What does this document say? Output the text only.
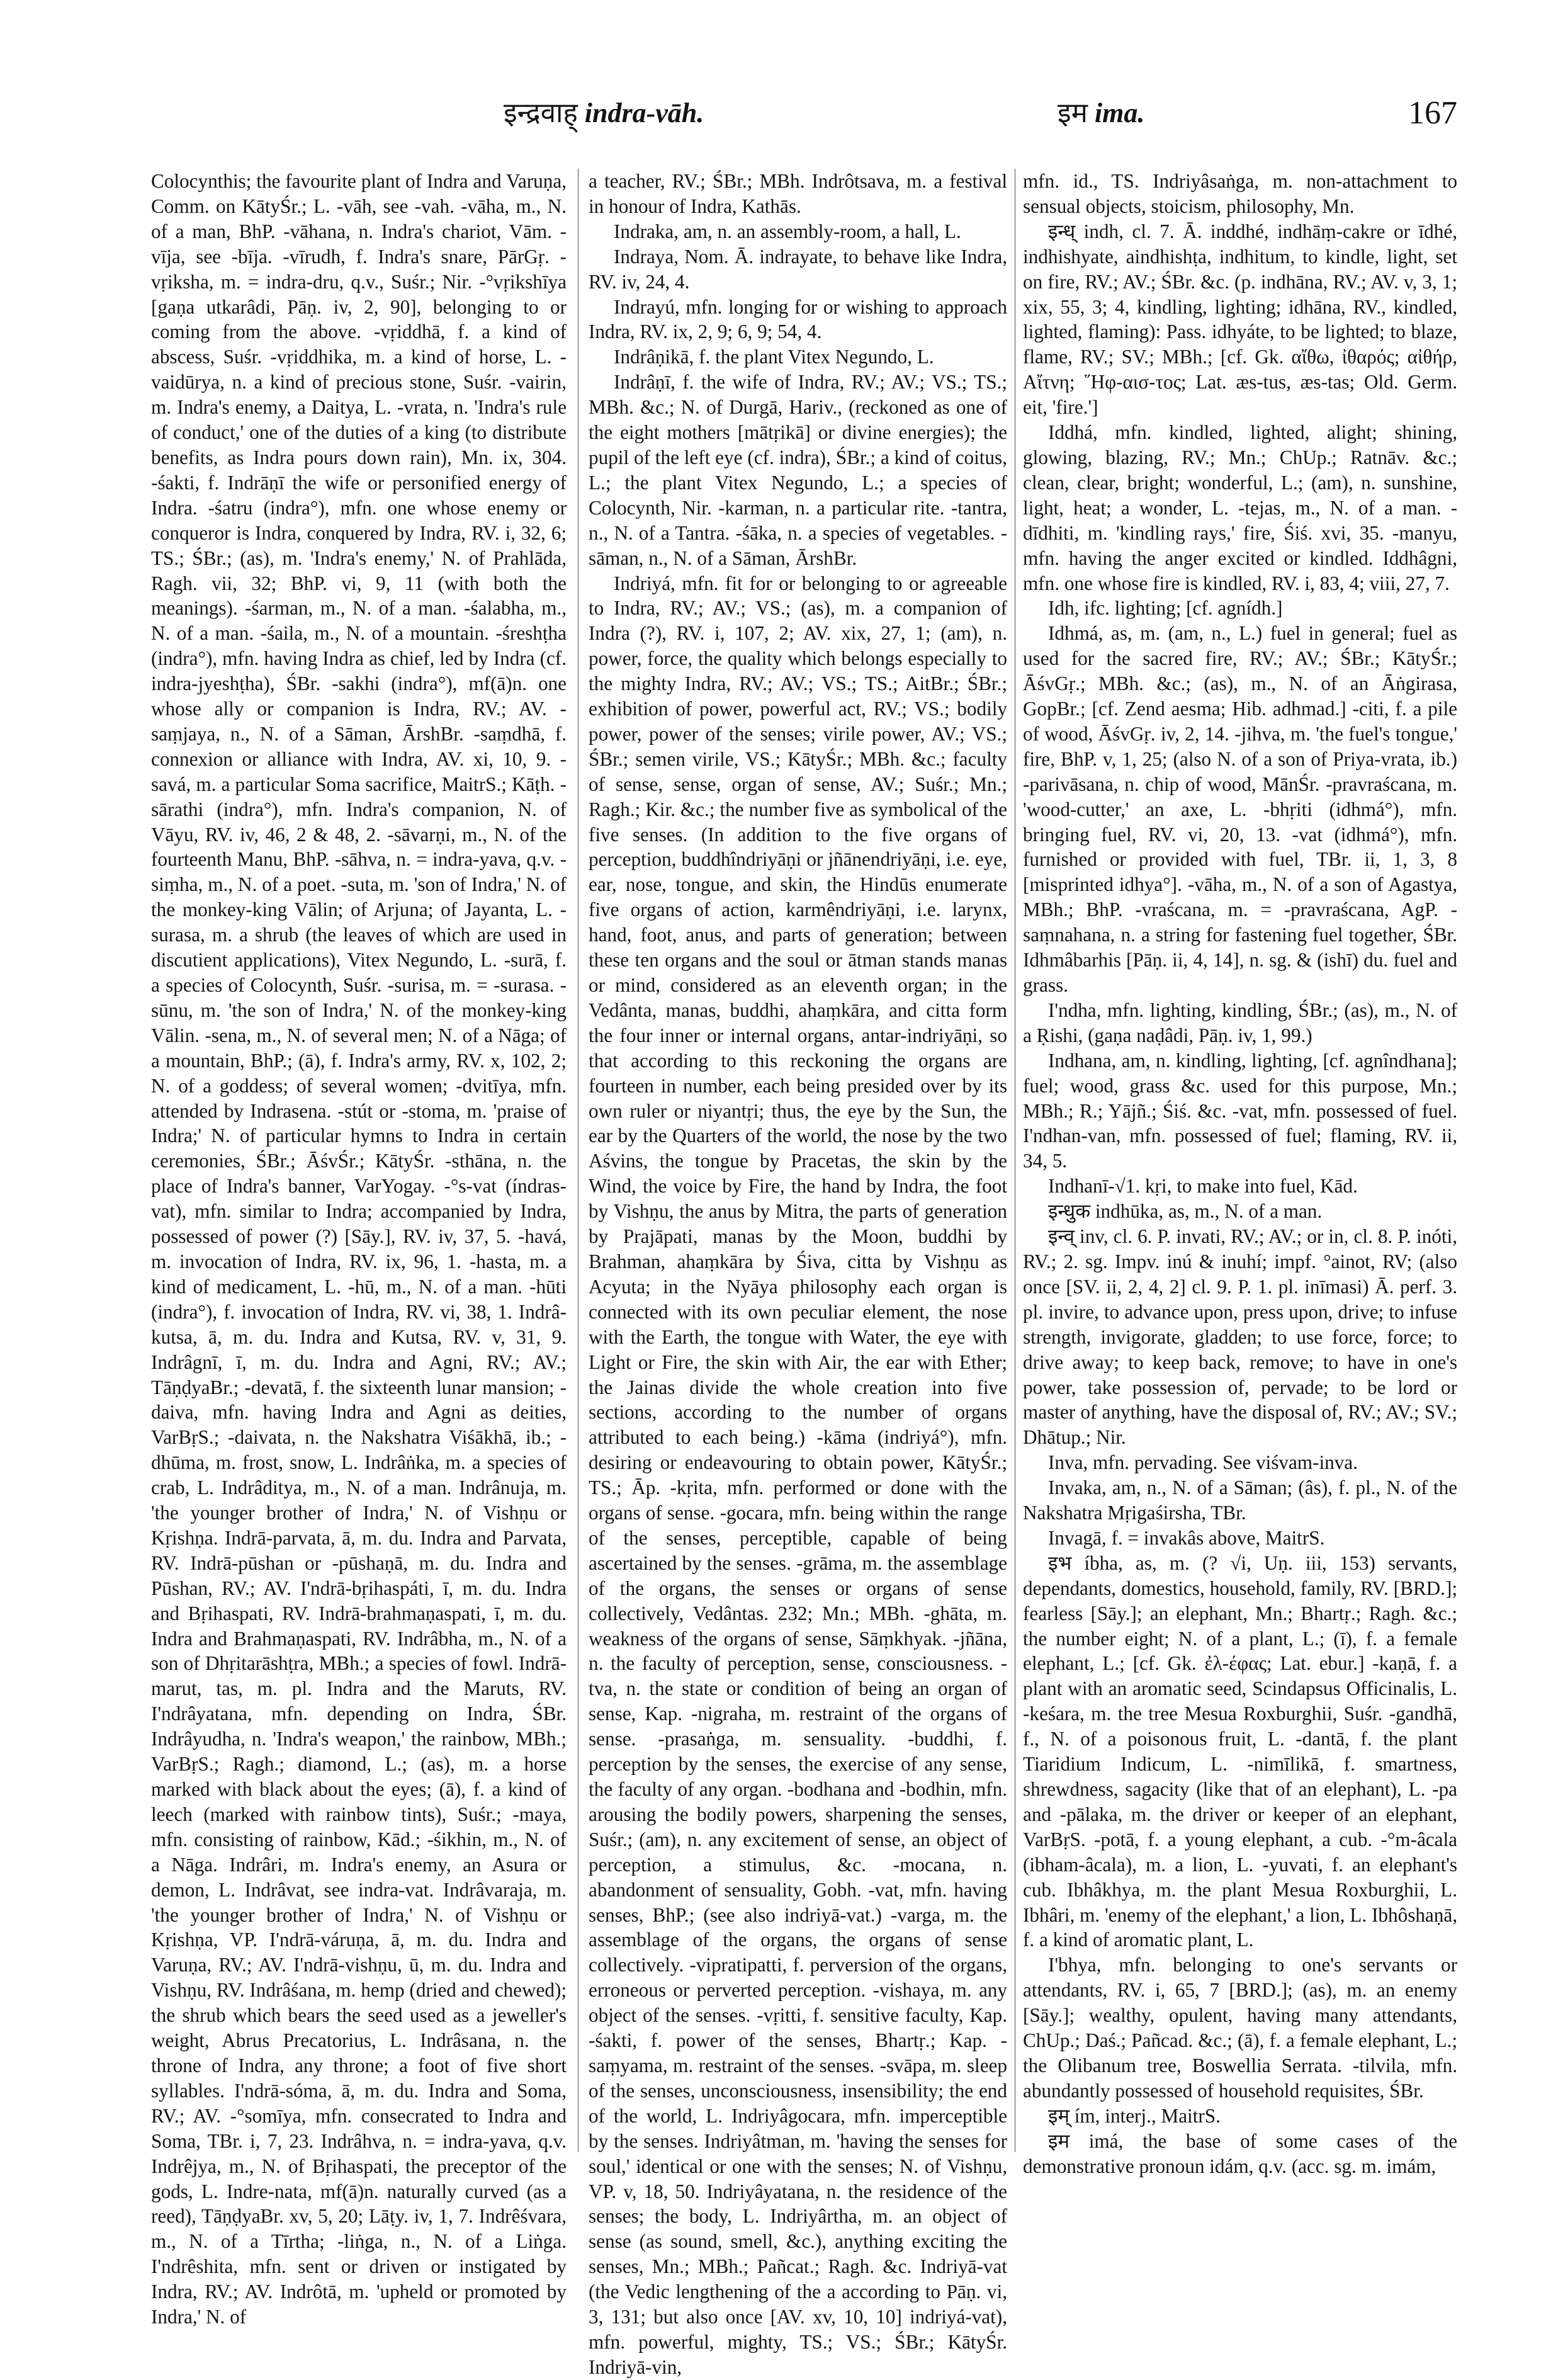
इन्द्रवाह् indra-vāh.	इम ima.	167

Colocynthis; the favourite plant of Indra and Varuṇa, Comm. on KātyŚr.; L. -vāh, see -vah. -vāha, m., N. of a man, BhP. -vāhana, n. Indra's chariot, Vām. -vīja, see -bīja. -vīrudh, f. Indra's snare, PārGṛ. -vṛiksha, m. = indra-dru, q.v., Suśr.; Nir. -°vṛikshīya [gaṇa utkarâdi, Pāṇ. iv, 2, 90], belonging to or coming from the above. -vṛiddhā, f. a kind of abscess, Suśr. -vṛiddhika, m. a kind of horse, L. -vaidūrya, n. a kind of precious stone, Suśr. -vairin, m. Indra's enemy, a Daitya, L. -vrata, n. 'Indra's rule of conduct,' one of the duties of a king (to distribute benefits, as Indra pours down rain), Mn. ix, 304. -śakti, f. Indrāṇī the wife or personified energy of Indra. -śatru (indra°), mfn. one whose enemy or conqueror is Indra, conquered by Indra, RV. i, 32, 6; TS.; ŚBr.; (as), m. 'Indra's enemy,' N. of Prahlāda, Ragh. vii, 32; BhP. vi, 9, 11 (with both the meanings). -śarman, m., N. of a man. -śalabha, m., N. of a man. -śaila, m., N. of a mountain. -śreshṭha (indra°), mfn. having Indra as chief, led by Indra (cf. indra-jyeshṭha), ŚBr. -sakhi (indra°), mf(ā)n. one whose ally or companion is Indra, RV.; AV. -saṃjaya, n., N. of a Sāman, ĀrshBr. -saṃdhā, f. connexion or alliance with Indra, AV. xi, 10, 9. -savá, m. a particular Soma sacrifice, MaitrS.; Kāṭh. -sārathi (indra°), mfn. Indra's companion, N. of Vāyu, RV. iv, 46, 2 & 48, 2. -sāvarṇi, m., N. of the fourteenth Manu, BhP. -sāhva, n. = indra-yava, q.v. -siṃha, m., N. of a poet. -suta, m. 'son of Indra,' N. of the monkey-king Vālin; of Arjuna; of Jayanta, L. -surasa, m. a shrub (the leaves of which are used in discutient applications), Vitex Negundo, L. -surā, f. a species of Colocynth, Suśr. -surisa, m. = -surasa. -sūnu, m. 'the son of Indra,' N. of the monkey-king Vālin. -sena, m., N. of several men; N. of a Nāga; of a mountain, BhP.; (ā), f. Indra's army, RV. x, 102, 2; N. of a goddess; of several women; -dvitīya, mfn. attended by Indrasena. -stút or -stoma, m. 'praise of Indra;' N. of particular hymns to Indra in certain ceremonies, ŚBr.; ĀśvŚr.; KātyŚr. -sthāna, n. the place of Indra's banner, VarYogay. -°s-vat (índras-vat), mfn. similar to Indra; accompanied by Indra, possessed of power (?) [Sāy.], RV. iv, 37, 5. -havá, m. invocation of Indra, RV. ix, 96, 1. -hasta, m. a kind of medicament, L. -hū, m., N. of a man. -hūti (indra°), f. invocation of Indra, RV. vi, 38, 1. Indrâ-kutsa, ā, m. du. Indra and Kutsa, RV. v, 31, 9. Indrâgnī, ī, m. du. Indra and Agni, RV.; AV.; TāṇḍyaBr.; -devatā, f. the sixteenth lunar mansion; -daiva, mfn. having Indra and Agni as deities, VarBṛS.; -daivata, n. the Nakshatra Viśākhā, ib.; -dhūma, m. frost, snow, L. Indrâṅka, m. a species of crab, L. Indrâditya, m., N. of a man. Indrânuja, m. 'the younger brother of Indra,' N. of Vishṇu or Kṛishṇa. Indrā-parvata, ā, m. du. Indra and Parvata, RV. Indrā-pūshan or -pūshaṇā, m. du. Indra and Pūshan, RV.; AV. I'ndrā-bṛihaspáti, ī, m. du. Indra and Bṛihaspati, RV. Indrā-brahmaṇaspati, ī, m. du. Indra and Brahmaṇaspati, RV. Indrâbha, m., N. of a son of Dhṛitarāshṭra, MBh.; a species of fowl. Indrā-marut, tas, m. pl. Indra and the Maruts, RV. I'ndrâyatana, mfn. depending on Indra, ŚBr. Indrâyudha, n. 'Indra's weapon,' the rainbow, MBh.; VarBṛS.; Ragh.; diamond, L.; (as), m. a horse marked with black about the eyes; (ā), f. a kind of leech (marked with rainbow tints), Suśr.; -maya, mfn. consisting of rainbow, Kād.; -śikhin, m., N. of a Nāga. Indrâri, m. Indra's enemy, an Asura or demon, L. Indrâvat, see indra-vat. Indrâvaraja, m. 'the younger brother of Indra,' N. of Vishṇu or Kṛishṇa, VP. I'ndrā-váruṇa, ā, m. du. Indra and Varuṇa, RV.; AV. I'ndrā-vishṇu, ū, m. du. Indra and Vishṇu, RV. Indrâśana, m. hemp (dried and chewed); the shrub which bears the seed used as a jeweller's weight, Abrus Precatorius, L. Indrâsana, n. the throne of Indra, any throne; a foot of five short syllables. I'ndrā-sóma, ā, m. du. Indra and Soma, RV.; AV. -°somīya, mfn. consecrated to Indra and Soma, TBr. i, 7, 23. Indrâhva, n. = indra-yava, q.v. Indrêjya, m., N. of Bṛihaspati, the preceptor of the gods, L. Indre-nata, mf(ā)n. naturally curved (as a reed), TāṇḍyaBr. xv, 5, 20; Lāṭy. iv, 1, 7. Indrêśvara, m., N. of a Tīrtha; -liṅga, n., N. of a Liṅga. I'ndrêshita, mfn. sent or driven or instigated by Indra, RV.; AV. Indrôtā, m. 'upheld or promoted by Indra,' N. of

a teacher, RV.; ŚBr.; MBh. Indrôtsava, m. a festival in honour of Indra, Kathās.

Indraka, am, n. an assembly-room, a hall, L.

Indraya, Nom. Ā. indrayate, to behave like Indra, RV. iv, 24, 4.

Indrayú, mfn. longing for or wishing to approach Indra, RV. ix, 2, 9; 6, 9; 54, 4.

Indrâṇikā, f. the plant Vitex Negundo, L.

Indrâṇī, f. the wife of Indra, RV.; AV.; VS.; TS.; MBh. &c.; N. of Durgā, Hariv., (reckoned as one of the eight mothers [mātṛikā] or divine energies); the pupil of the left eye (cf. indra), ŚBr.; a kind of coitus, L.; the plant Vitex Negundo, L.; a species of Colocynth, Nir. -karman, n. a particular rite. -tantra, n., N. of a Tantra. -śāka, n. a species of vegetables. -sāman, n., N. of a Sāman, ĀrshBr.

Indriyá, mfn. fit for or belonging to or agreeable to Indra, RV.; AV.; VS.; (as), m. a companion of Indra (?), RV. i, 107, 2; AV. xix, 27, 1; (am), n. power, force, the quality which belongs especially to the mighty Indra, RV.; AV.; VS.; TS.; AitBr.; ŚBr.; exhibition of power, powerful act, RV.; VS.; bodily power, power of the senses; virile power, AV.; VS.; ŚBr.; semen virile, VS.; KātyŚr.; MBh. &c.; faculty of sense, sense, organ of sense, AV.; Suśr.; Mn.; Ragh.; Kir. &c.; the number five as symbolical of the five senses. (In addition to the five organs of perception, buddhîndriyāṇi or jñānendriyāṇi, i.e. eye, ear, nose, tongue, and skin, the Hindūs enumerate five organs of action, karmêndriyāṇi, i.e. larynx, hand, foot, anus, and parts of generation; between these ten organs and the soul or ātman stands manas or mind, considered as an eleventh organ; in the Vedânta, manas, buddhi, ahaṃkāra, and citta form the four inner or internal organs, antar-indriyāṇi, so that according to this reckoning the organs are fourteen in number, each being presided over by its own ruler or niyantṛi; thus, the eye by the Sun, the ear by the Quarters of the world, the nose by the two Aśvins, the tongue by Pracetas, the skin by the Wind, the voice by Fire, the hand by Indra, the foot by Vishṇu, the anus by Mitra, the parts of generation by Prajāpati, manas by the Moon, buddhi by Brahman, ahaṃkāra by Śiva, citta by Vishṇu as Acyuta; in the Nyāya philosophy each organ is connected with its own peculiar element, the nose with the Earth, the tongue with Water, the eye with Light or Fire, the skin with Air, the ear with Ether; the Jainas divide the whole creation into five sections, according to the number of organs attributed to each being.) -kāma (indriyá°), mfn. desiring or endeavouring to obtain power, KātyŚr.; TS.; Āp. -kṛita, mfn. performed or done with the organs of sense. -gocara, mfn. being within the range of the senses, perceptible, capable of being ascertained by the senses. -grāma, m. the assemblage of the organs, the senses or organs of sense collectively, Vedântas. 232; Mn.; MBh. -ghāta, m. weakness of the organs of sense, Sāṃkhyak. -jñāna, n. the faculty of perception, sense, consciousness. -tva, n. the state or condition of being an organ of sense, Kap. -nigraha, m. restraint of the organs of sense. -prasaṅga, m. sensuality. -buddhi, f. perception by the senses, the exercise of any sense, the faculty of any organ. -bodhana and -bodhin, mfn. arousing the bodily powers, sharpening the senses, Suśr.; (am), n. any excitement of sense, an object of perception, a stimulus, &c. -mocana, n. abandonment of sensuality, Gobh. -vat, mfn. having senses, BhP.; (see also indriyā-vat.) -varga, m. the assemblage of the organs, the organs of sense collectively. -vipratipatti, f. perversion of the organs, erroneous or perverted perception. -vishaya, m. any object of the senses. -vṛitti, f. sensitive faculty, Kap. -śakti, f. power of the senses, Bhartṛ.; Kap. -saṃyama, m. restraint of the senses. -svāpa, m. sleep of the senses, unconsciousness, insensibility; the end of the world, L. Indriyâgocara, mfn. imperceptible by the senses. Indriyâtman, m. 'having the senses for soul,' identical or one with the senses; N. of Vishṇu, VP. v, 18, 50. Indriyâyatana, n. the residence of the senses; the body, L. Indriyârtha, m. an object of sense (as sound, smell, &c.), anything exciting the senses, Mn.; MBh.; Pañcat.; Ragh. &c. Indriyā-vat (the Vedic lengthening of the a according to Pāṇ. vi, 3, 131; but also once [AV. xv, 10, 10] indriyá-vat), mfn. powerful, mighty, TS.; VS.; ŚBr.; KātyŚr. Indriyā-vin,

mfn. id., TS. Indriyâsaṅga, m. non-attachment to sensual objects, stoicism, philosophy, Mn.

इन्ध् indh, cl. 7. Ā. inddhé, indhāṃ-cakre or īdhé, indhishyate, aindhishṭa, indhitum, to kindle, light, set on fire, RV.; AV.; ŚBr. &c. (p. indhāna, RV.; AV. v, 3, 1; xix, 55, 3; 4, kindling, lighting; idhāna, RV., kindled, lighted, flaming): Pass. idhyáte, to be lighted; to blaze, flame, RV.; SV.; MBh.; [cf. Gk. αἴθω, ἰθαρός; αἰθήρ, Αἴτνη; ῞Ηφ-αισ-τος; Lat. æs-tus, æs-tas; Old. Germ. eit, 'fire.']

Iddhá, mfn. kindled, lighted, alight; shining, glowing, blazing, RV.; Mn.; ChUp.; Ratnāv. &c.; clean, clear, bright; wonderful, L.; (am), n. sunshine, light, heat; a wonder, L. -tejas, m., N. of a man. -dīdhiti, m. 'kindling rays,' fire, Śiś. xvi, 35. -manyu, mfn. having the anger excited or kindled. Iddhâgni, mfn. one whose fire is kindled, RV. i, 83, 4; viii, 27, 7.

Idh, ifc. lighting; [cf. agnídh.]

Idhmá, as, m. (am, n., L.) fuel in general; fuel as used for the sacred fire, RV.; AV.; ŚBr.; KātyŚr.; ĀśvGṛ.; MBh. &c.; (as), m., N. of an Āṅgirasa, GopBr.; [cf. Zend aesma; Hib. adhmad.] -citi, f. a pile of wood, ĀśvGṛ. iv, 2, 14. -jihva, m. 'the fuel's tongue,' fire, BhP. v, 1, 25; (also N. of a son of Priya-vrata, ib.) -parivāsana, n. chip of wood, MānŚr. -pravraścana, m. 'wood-cutter,' an axe, L. -bhṛiti (idhmá°), mfn. bringing fuel, RV. vi, 20, 13. -vat (idhmá°), mfn. furnished or provided with fuel, TBr. ii, 1, 3, 8 [misprinted idhya°]. -vāha, m., N. of a son of Agastya, MBh.; BhP. -vraścana, m. = -pravraścana, AgP. -saṃnahana, n. a string for fastening fuel together, ŚBr. Idhmâbarhis [Pāṇ. ii, 4, 14], n. sg. & (ishī) du. fuel and grass.

I'ndha, mfn. lighting, kindling, ŚBr.; (as), m., N. of a Ṛishi, (gaṇa naḍâdi, Pāṇ. iv, 1, 99.)

Indhana, am, n. kindling, lighting, [cf. agnîndhana]; fuel; wood, grass &c. used for this purpose, Mn.; MBh.; R.; Yājñ.; Śiś. &c. -vat, mfn. possessed of fuel. I'ndhan-van, mfn. possessed of fuel; flaming, RV. ii, 34, 5.

Indhanī-√1. kṛi, to make into fuel, Kād.

इन्धुक indhūka, as, m., N. of a man.

इन्व् inv, cl. 6. P. invati, RV.; AV.; or in, cl. 8. P. inóti, RV.; 2. sg. Impv. inú & inuhí; impf. °ainot, RV; (also once [SV. ii, 2, 4, 2] cl. 9. P. 1. pl. inīmasi) Ā. perf. 3. pl. invire, to advance upon, press upon, drive; to infuse strength, invigorate, gladden; to use force, force; to drive away; to keep back, remove; to have in one's power, take possession of, pervade; to be lord or master of anything, have the disposal of, RV.; AV.; SV.; Dhātup.; Nir.

Inva, mfn. pervading. See viśvam-inva.

Invaka, am, n., N. of a Sāman; (âs), f. pl., N. of the Nakshatra Mṛigaśirsha, TBr.

Invagā, f. = invakâs above, MaitrS.

इभ íbha, as, m. (? √i, Uṇ. iii, 153) servants, dependants, domestics, household, family, RV. [BRD.]; fearless [Sāy.]; an elephant, Mn.; Bhartṛ.; Ragh. &c.; the number eight; N. of a plant, L.; (ī), f. a female elephant, L.; [cf. Gk. ἐλ-έφας; Lat. ebur.] -kaṇā, f. a plant with an aromatic seed, Scindapsus Officinalis, L. -keśara, m. the tree Mesua Roxburghii, Suśr. -gandhā, f., N. of a poisonous fruit, L. -dantā, f. the plant Tiaridium Indicum, L. -nimīlikā, f. smartness, shrewdness, sagacity (like that of an elephant), L. -pa and -pālaka, m. the driver or keeper of an elephant, VarBṛS. -potā, f. a young elephant, a cub. -°m-âcala (ibham-âcala), m. a lion, L. -yuvati, f. an elephant's cub. Ibhâkhya, m. the plant Mesua Roxburghii, L. Ibhâri, m. 'enemy of the elephant,' a lion, L. Ibhôshaṇā, f. a kind of aromatic plant, L.

I'bhya, mfn. belonging to one's servants or attendants, RV. i, 65, 7 [BRD.]; (as), m. an enemy [Sāy.]; wealthy, opulent, having many attendants, ChUp.; Daś.; Pañcad. &c.; (ā), f. a female elephant, L.; the Olibanum tree, Boswellia Serrata. -tilvila, mfn. abundantly possessed of household requisites, ŚBr.

इम् ím, interj., MaitrS.

इम imá, the base of some cases of the demonstrative pronoun idám, q.v. (acc. sg. m. imám,
